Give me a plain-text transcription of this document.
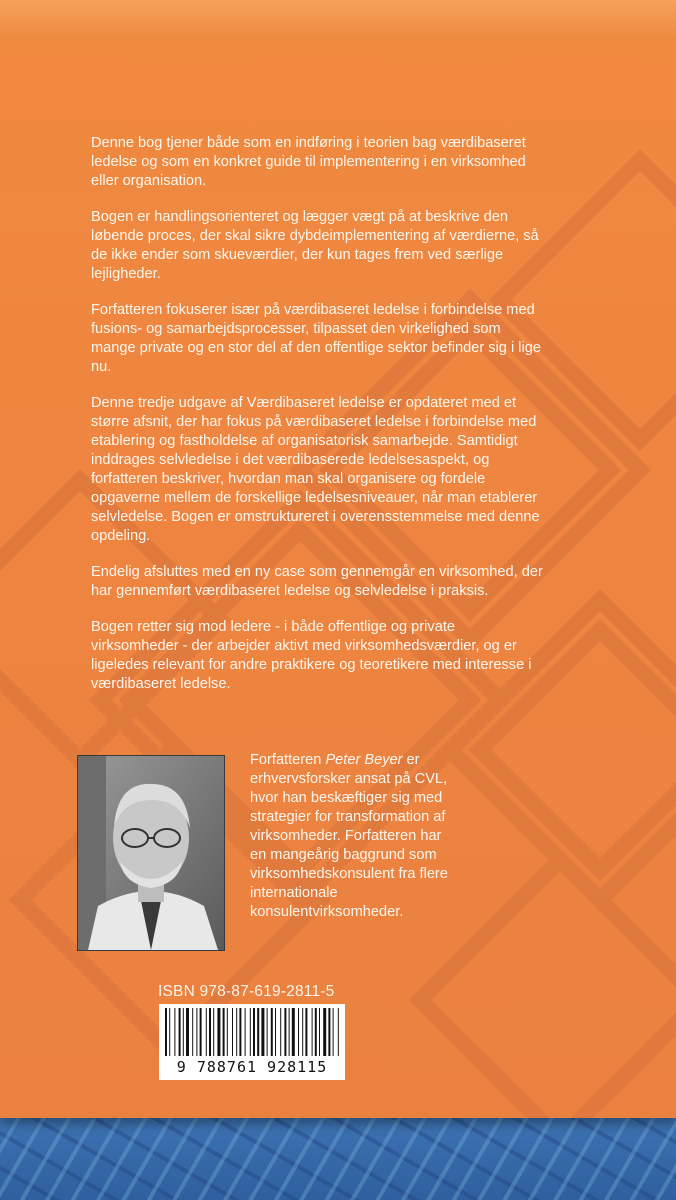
Denne bog tjener både som en indføring i teorien bag værdibaseret ledelse og som en konkret guide til implementering i en virksomhed eller organisation.

Bogen er handlingsorienteret og lægger vægt på at beskrive den løbende proces, der skal sikre dybdeimplementering af værdierne, så de ikke ender som skueværdier, der kun tages frem ved særlige lejligheder.

Forfatteren fokuserer især på værdibaseret ledelse i forbindelse med fusions- og samarbejdsprocesser, tilpasset den virkelighed som mange private og en stor del af den offentlige sektor befinder sig i lige nu.

Denne tredje udgave af Værdibaseret ledelse er opdateret med et større afsnit, der har fokus på værdibaseret ledelse i forbindelse med etablering og fastholdelse af organisatorisk samarbejde. Samtidigt inddrages selvledelse i det værdibaserede ledelsesaspekt, og forfatteren beskriver, hvordan man skal organisere og fordele opgaverne mellem de forskellige ledelsesniveauer, når man etablerer selvledelse. Bogen er omstruktureret i overensstemmelse med denne opdeling.

Endelig afsluttes med en ny case som gennemgår en virksomhed, der har gennemført værdibaseret ledelse og selvledelse i praksis.

Bogen retter sig mod ledere - i både offentlige og private virksomheder - der arbejder aktivt med virksomhedsværdier, og er ligeledes relevant for andre praktikere og teoretikere med interesse i værdibaseret ledelse.

Forfatteren Peter Beyer er erhvervsforsker ansat på CVL, hvor han beskæftiger sig med strategier for transformation af virksomheder. Forfatteren har en mangeårig baggrund som virksomhedskonsulent fra flere internationale konsulentvirksomheder.
ISBN 978-87-619-2811-5
9 788761 928115
